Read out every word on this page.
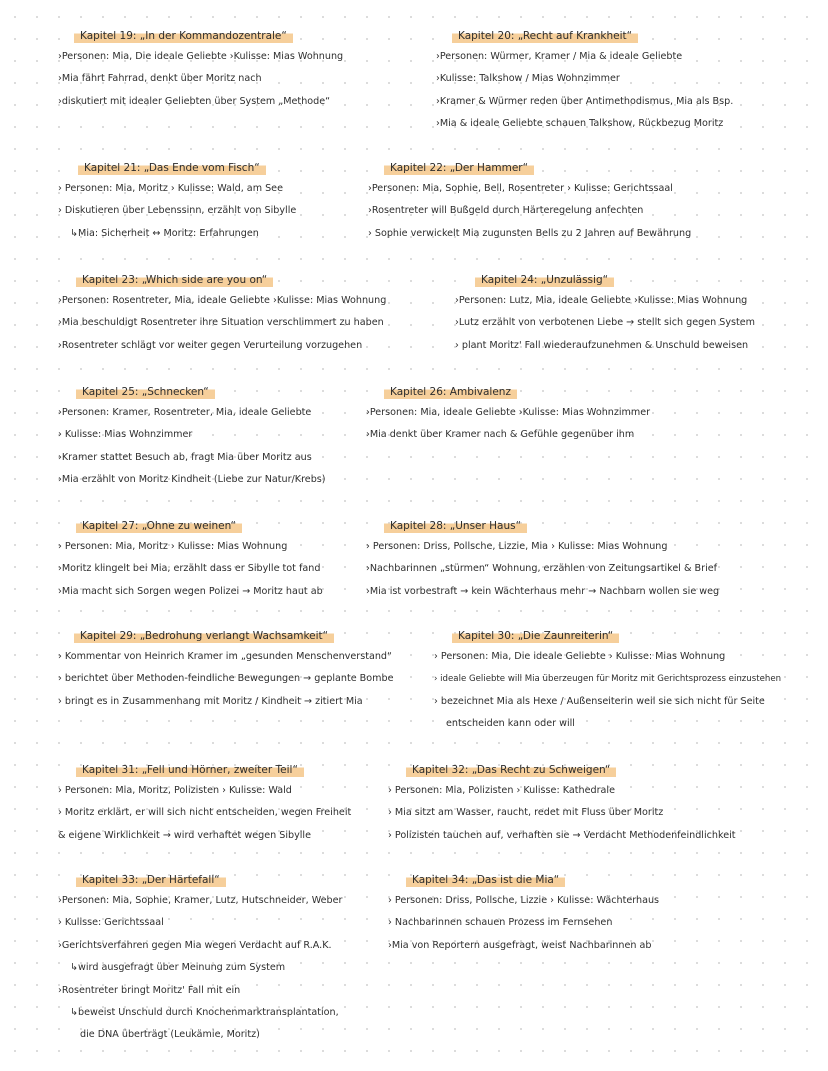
Kapitel 19: „In der Kommandozentrale“
›Personen: Mia, Die ideale Geliebte ›Kulisse: Mias Wohnung
›Mia fährt Fahrrad, denkt über Moritz nach
›diskutiert mit idealer Geliebten über System „Methode“
Kapitel 20: „Recht auf Krankheit“
›Personen: Würmer, Kramer / Mia & ideale Geliebte
›Kulisse: Talkshow / Mias Wohnzimmer
›Kramer & Würmer reden über Antimethodismus, Mia als Bsp.
›Mia & ideale Geliebte schauen Talkshow, Rückbezug Moritz
Kapitel 21: „Das Ende vom Fisch“
› Personen: Mia, Moritz › Kulisse: Wald, am See
› Diskutieren über Lebenssinn, erzählt von Sibylle
↳Mia: Sicherheit ↔ Moritz: Erfahrungen
Kapitel 22: „Der Hammer“
›Personen: Mia, Sophie, Bell, Rosentreter › Kulisse: Gerichtssaal
›Rosentreter will Bußgeld durch Härteregelung anfechten
› Sophie verwickelt Mia zugunsten Bells zu 2 Jahren auf Bewährung
Kapitel 23: „Which side are you on“
›Personen: Rosentreter, Mia, ideale Geliebte ›Kulisse: Mias Wohnung
›Mia beschuldigt Rosentreter ihre Situation verschlimmert zu haben
›Rosentreter schlägt vor weiter gegen Verurteilung vorzugehen
Kapitel 24: „Unzulässig“
›Personen: Lutz, Mia, ideale Geliebte ›Kulisse: Mias Wohnung
›Lutz erzählt von verbotenen Liebe → stellt sich gegen System
› plant Moritz' Fall wiederaufzunehmen & Unschuld beweisen
Kapitel 25: „Schnecken“
›Personen: Kramer, Rosentreter, Mia, ideale Geliebte
› Kulisse: Mias Wohnzimmer
›Kramer stattet Besuch ab, fragt Mia über Moritz aus
›Mia erzählt von Moritz Kindheit (Liebe zur Natur/Krebs)
Kapitel 26: Ambivalenz
›Personen: Mia, ideale Geliebte ›Kulisse: Mias Wohnzimmer
›Mia denkt über Kramer nach & Gefühle gegenüber ihm
Kapitel 27: „Ohne zu weinen“
› Personen: Mia, Moritz › Kulisse: Mias Wohnung
›Moritz klingelt bei Mia, erzählt dass er Sibylle tot fand
›Mia macht sich Sorgen wegen Polizei → Moritz haut ab
Kapitel 28: „Unser Haus“
› Personen: Driss, Pollsche, Lizzie, Mia › Kulisse: Mias Wohnung
›Nachbarinnen „stürmen“ Wohnung, erzählen von Zeitungsartikel & Brief
›Mia ist vorbestraft → kein Wächterhaus mehr → Nachbarn wollen sie weg
Kapitel 29: „Bedrohung verlangt Wachsamkeit“
› Kommentar von Heinrich Kramer im „gesunden Menschenverstand“
› berichtet über Methoden-feindliche Bewegungen → geplante Bombe
› bringt es in Zusammenhang mit Moritz / Kindheit → zitiert Mia
Kapitel 30: „Die Zaunreiterin“
› Personen: Mia, Die ideale Geliebte › Kulisse: Mias Wohnung
› ideale Geliebte will Mia überzeugen für Moritz mit Gerichtsprozess einzustehen
› bezeichnet Mia als Hexe / Außenseiterin weil sie sich nicht für Seite
entscheiden kann oder will
Kapitel 31: „Fell und Hörner, zweiter Teil“
› Personen: Mia, Moritz, Polizisten › Kulisse: Wald
› Moritz erklärt, er will sich nicht entscheiden, wegen Freiheit
& eigene Wirklichkeit → wird verhaftet wegen Sibylle
Kapitel 32: „Das Recht zu Schweigen“
› Personen: Mia, Polizisten › Kulisse: Kathedrale
› Mia sitzt am Wasser, raucht, redet mit Fluss über Moritz
› Polizisten tauchen auf, verhaften sie → Verdacht Methodenfeindlichkeit
Kapitel 33: „Der Härtefall“
›Personen: Mia, Sophie, Kramer, Lutz, Hutschneider, Weber
› Kulisse: Gerichtssaal
›Gerichtsverfahren gegen Mia wegen Verdacht auf R.A.K.
↳wird ausgefragt über Meinung zum System
›Rosentreter bringt Moritz' Fall mit ein
↳beweist Unschuld durch Knochenmarktransplantation,
die DNA überträgt (Leukämie, Moritz)
Kapitel 34: „Das ist die Mia“
› Personen: Driss, Pollsche, Lizzie › Kulisse: Wächterhaus
› Nachbarinnen schauen Prozess im Fernsehen
›Mia von Reportern ausgefragt, weist Nachbarinnen ab
